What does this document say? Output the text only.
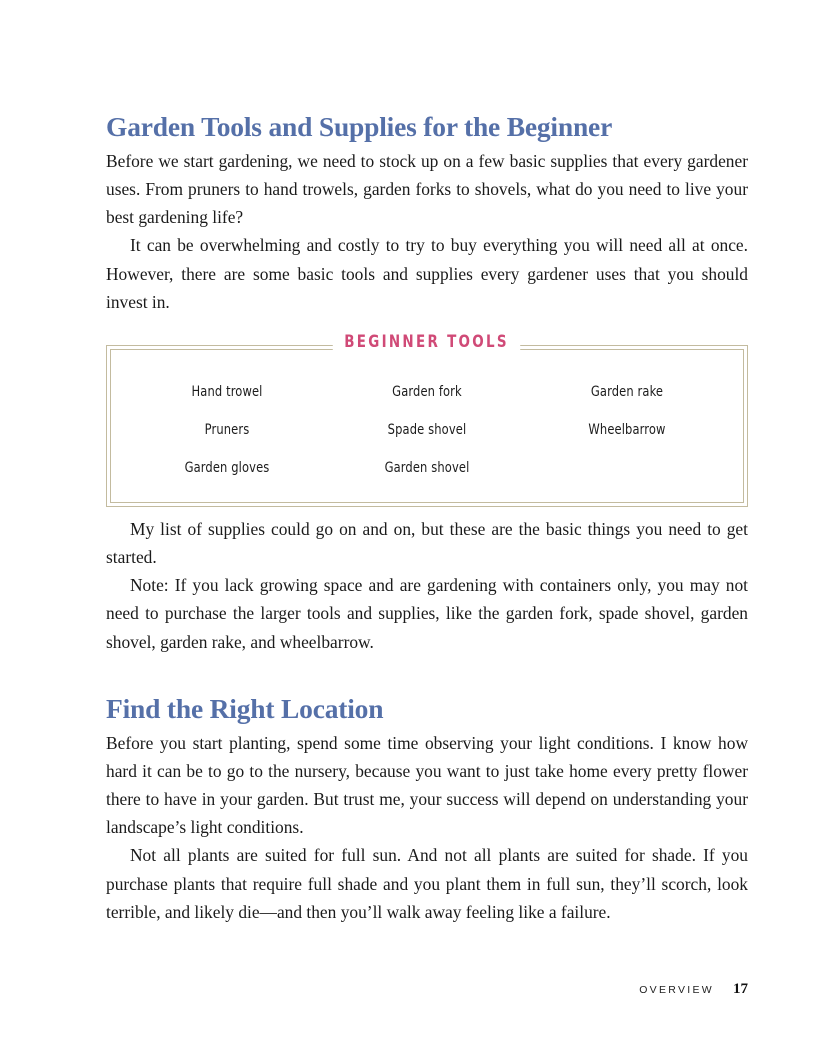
Garden Tools and Supplies for the Beginner

Before we start gardening, we need to stock up on a few basic supplies that every gardener uses. From pruners to hand trowels, garden forks to shovels, what do you need to live your best gardening life?

It can be overwhelming and costly to try to buy everything you will need all at once. However, there are some basic tools and supplies every gardener uses that you should invest in.

Hand trowel	Garden fork	Garden rake
Pruners	Spade shovel	Wheelbarrow
Garden gloves	Garden shovel
BEGINNER TOOLS

My list of supplies could go on and on, but these are the basic things you need to get started.

Note: If you lack growing space and are gardening with containers only, you may not need to purchase the larger tools and supplies, like the garden fork, spade shovel, garden shovel, garden rake, and wheelbarrow.

Find the Right Location

Before you start planting, spend some time observing your light conditions. I know how hard it can be to go to the nursery, because you want to just take home every pretty flower there to have in your garden. But trust me, your success will depend on understanding your landscape’s light conditions.

Not all plants are suited for full sun. And not all plants are suited for shade. If you purchase plants that require full shade and you plant them in full sun, they’ll scorch, look terrible, and likely die—and then you’ll walk away feeling like a failure.

OVERVIEW 17
